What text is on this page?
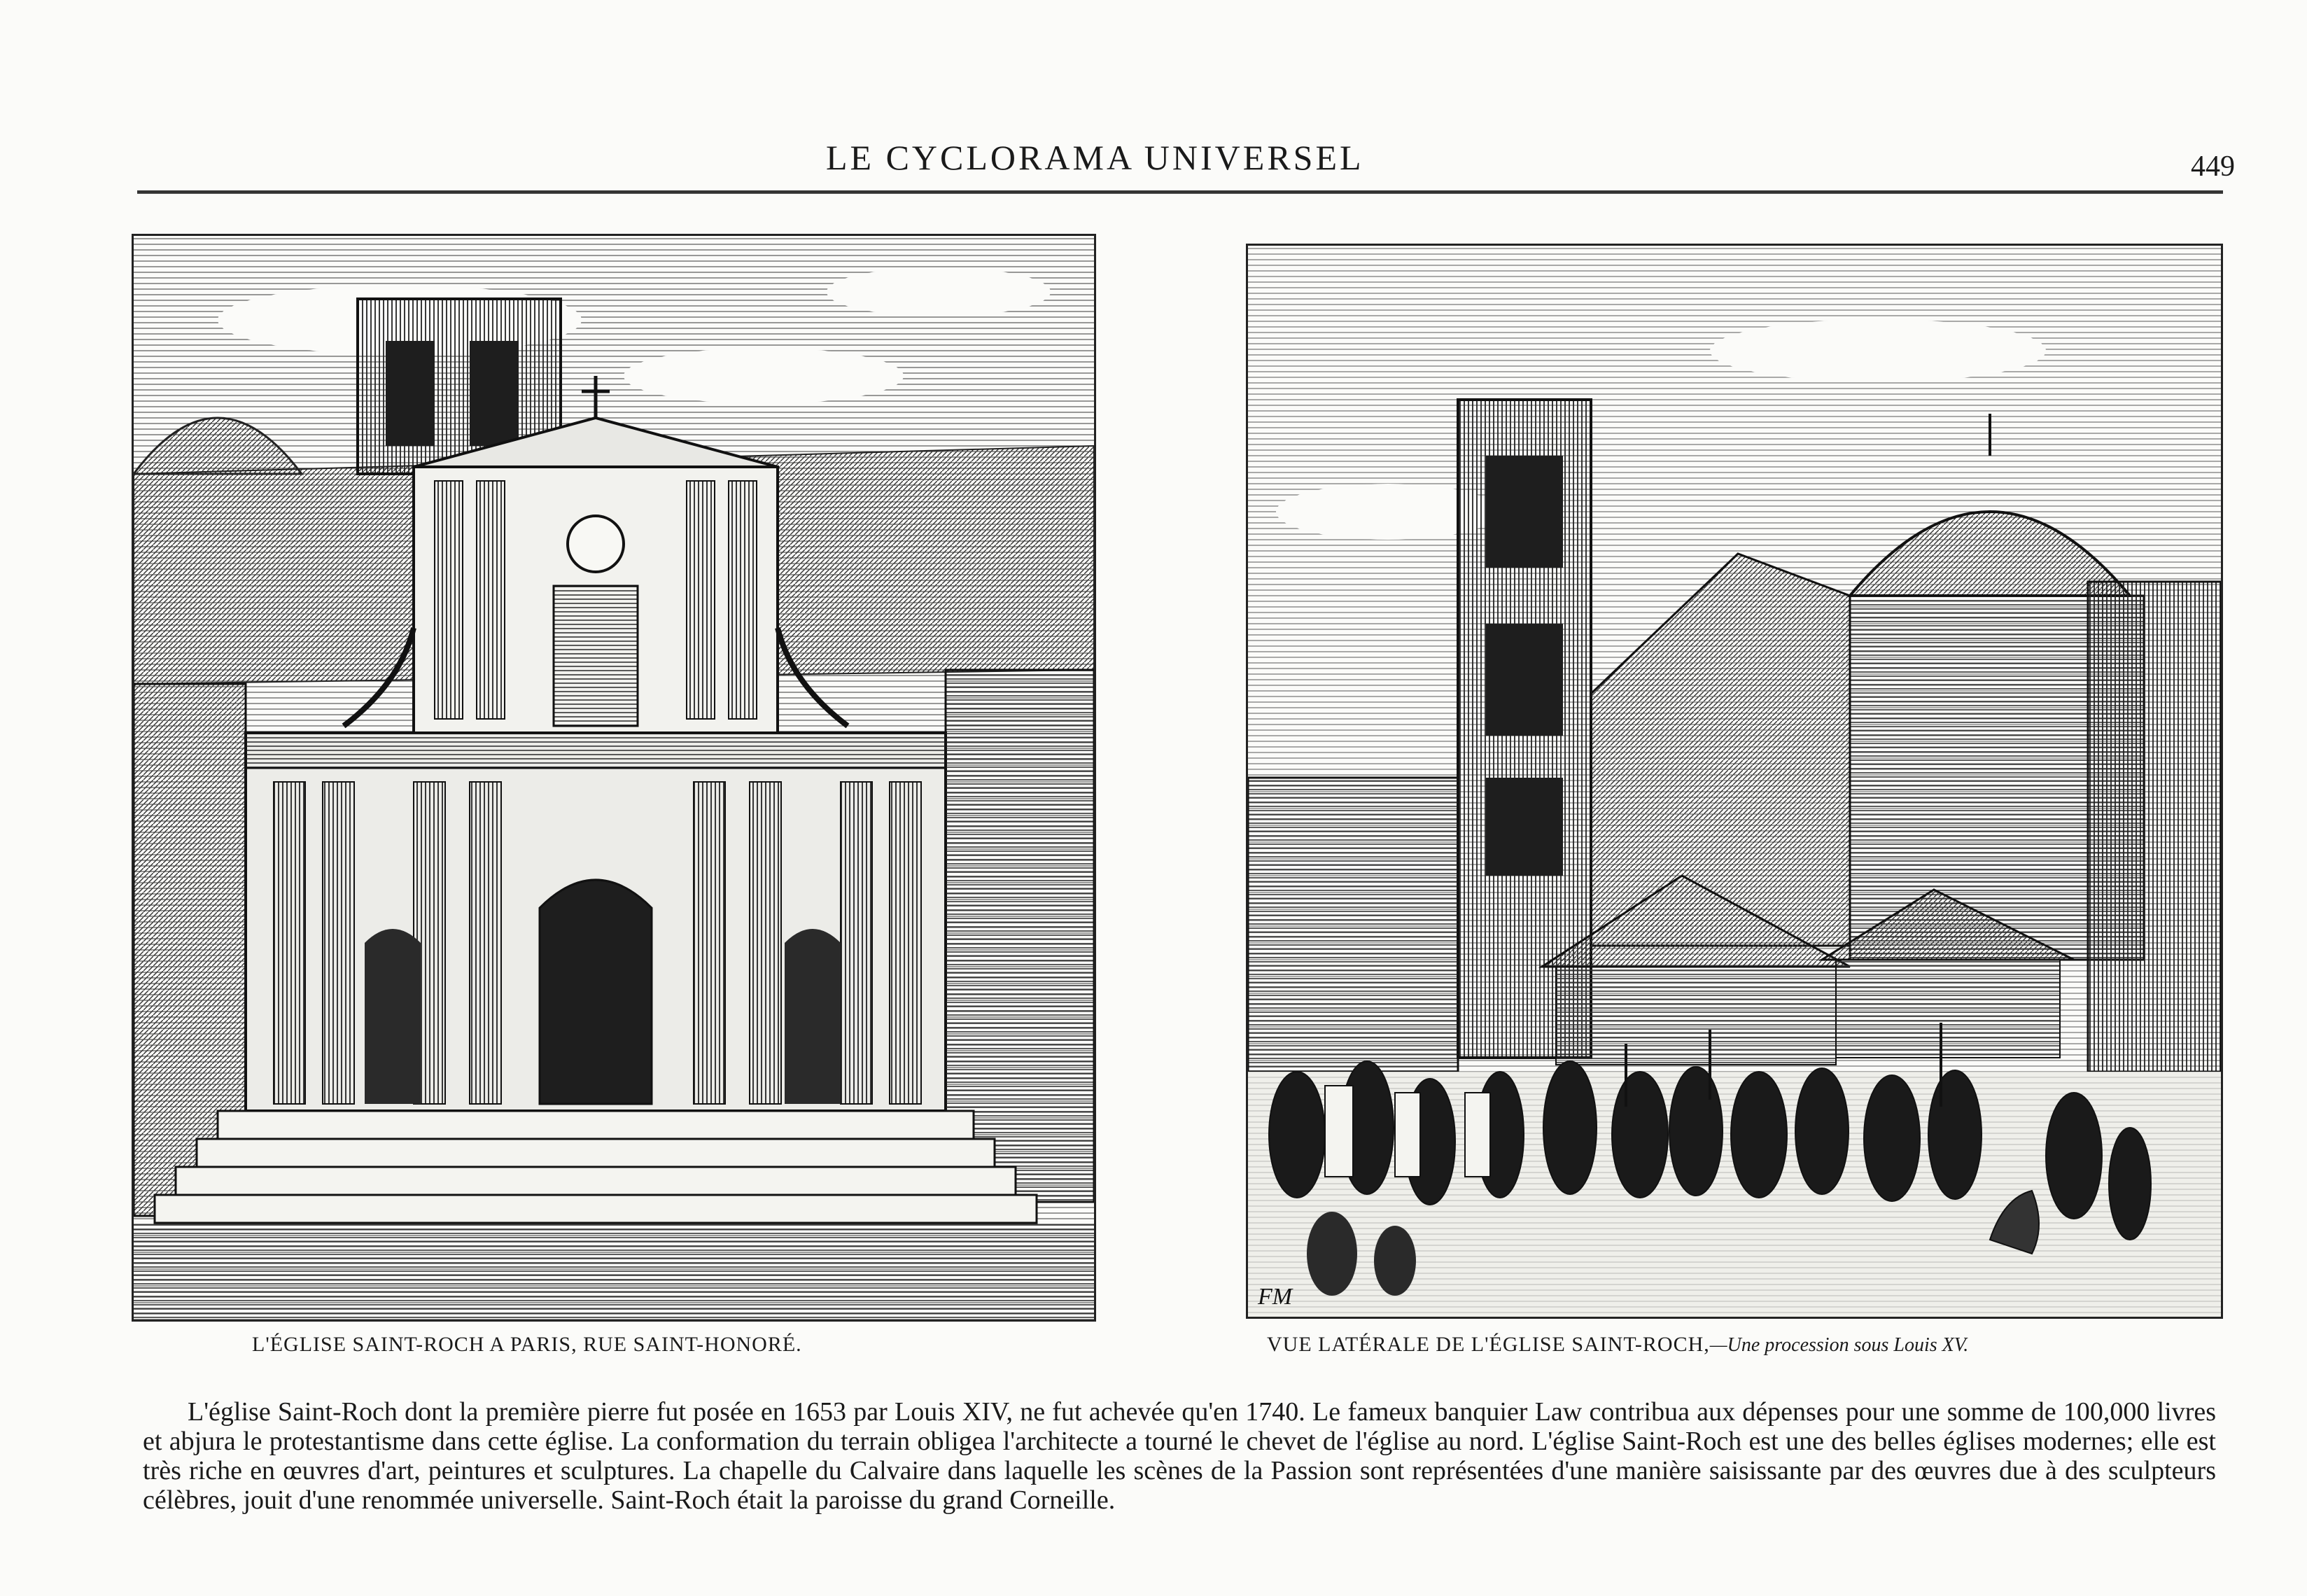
LE CYCLORAMA UNIVERSEL	449
L'ÉGLISE SAINT-ROCH A PARIS, RUE SAINT-HONORÉ.
FM
VUE LATÉRALE DE L'ÉGLISE SAINT-ROCH,—Une procession sous Louis XV.

L'église Saint-Roch dont la première pierre fut posée en 1653 par Louis XIV, ne fut achevée qu'en 1740. Le fameux banquier Law contribua aux dépenses pour une somme de 100,000 livres et abjura le protestantisme dans cette église. La conformation du terrain obligea l'architecte a tourné le chevet de l'église au nord. L'église Saint-Roch est une des belles églises modernes; elle est très riche en œuvres d'art, peintures et sculptures. La chapelle du Calvaire dans laquelle les scènes de la Passion sont représentées d'une manière saisissante par des œuvres due à des sculpteurs célèbres, jouit d'une renommée universelle. Saint-Roch était la paroisse du grand Corneille.
